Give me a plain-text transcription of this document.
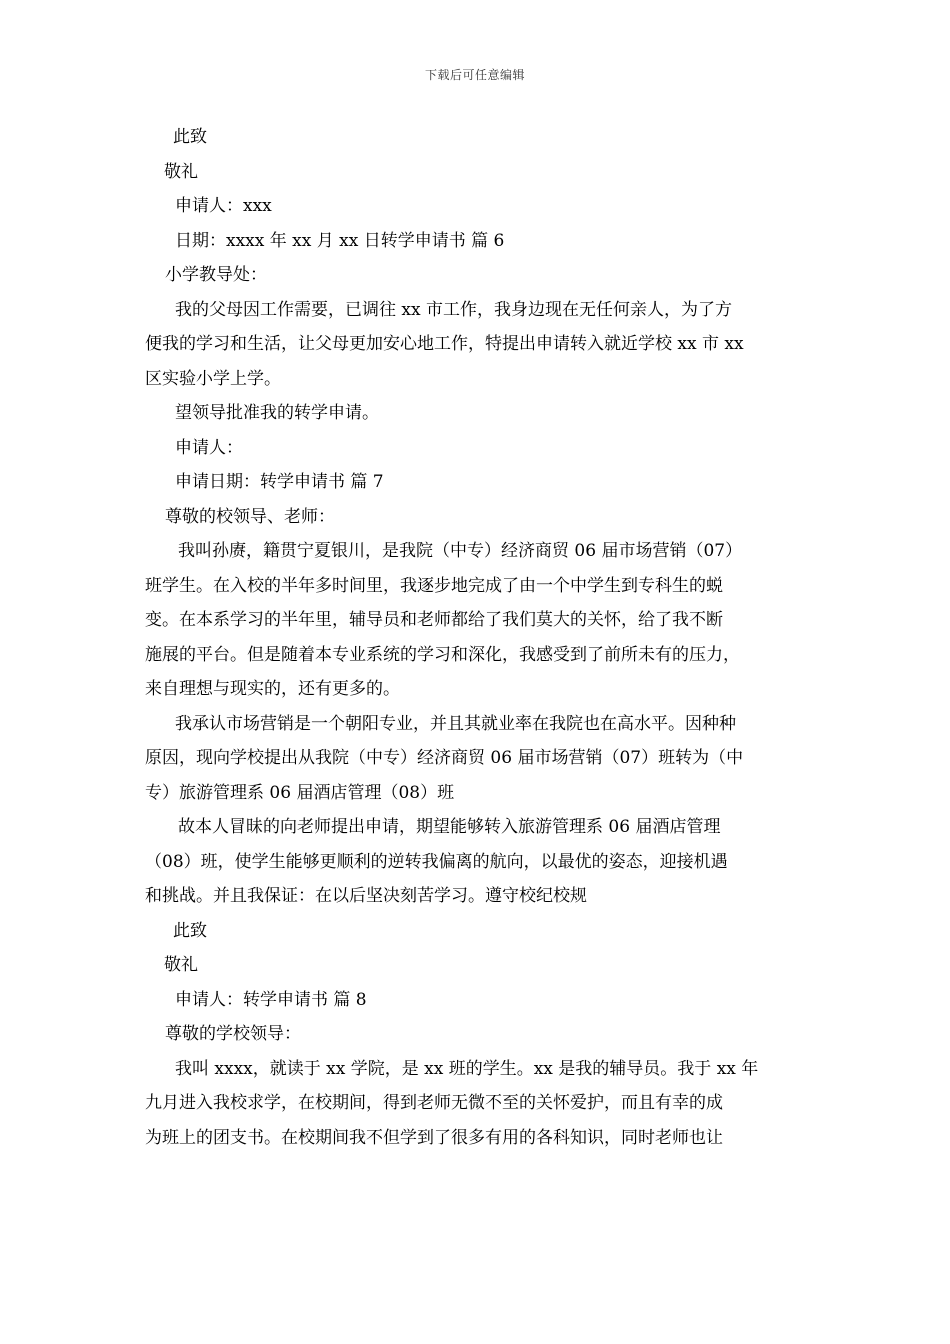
下载后可任意编辑
此致
敬礼
申请人：xxx
日期：xxxx 年 xx 月 xx 日转学申请书 篇 6
小学教导处：
我的父母因工作需要，已调往 xx 市工作，我身边现在无任何亲人，为了方
便我的学习和生活，让父母更加安心地工作，特提出申请转入就近学校 xx 市 xx
区实验小学上学。
望领导批准我的转学申请。
申请人：
申请日期：转学申请书 篇 7
尊敬的校领导、老师：
我叫孙赓，籍贯宁夏银川，是我院（中专）经济商贸 06 届市场营销（07）
班学生。在入校的半年多时间里，我逐步地完成了由一个中学生到专科生的蜕
变。在本系学习的半年里，辅导员和老师都给了我们莫大的关怀，给了我不断
施展的平台。但是随着本专业系统的学习和深化，我感受到了前所未有的压力，
来自理想与现实的，还有更多的。
我承认市场营销是一个朝阳专业，并且其就业率在我院也在高水平。因种种
原因，现向学校提出从我院（中专）经济商贸 06 届市场营销（07）班转为（中
专）旅游管理系 06 届酒店管理（08）班
故本人冒昧的向老师提出申请，期望能够转入旅游管理系 06 届酒店管理
（08）班，使学生能够更顺利的逆转我偏离的航向，以最优的姿态，迎接机遇
和挑战。并且我保证：在以后坚决刻苦学习。遵守校纪校规
此致
敬礼
申请人：转学申请书 篇 8
尊敬的学校领导：
我叫 xxxx，就读于 xx 学院，是 xx 班的学生。xx 是我的辅导员。我于 xx 年
九月进入我校求学，在校期间，得到老师无微不至的关怀爱护，而且有幸的成
为班上的团支书。在校期间我不但学到了很多有用的各科知识，同时老师也让
